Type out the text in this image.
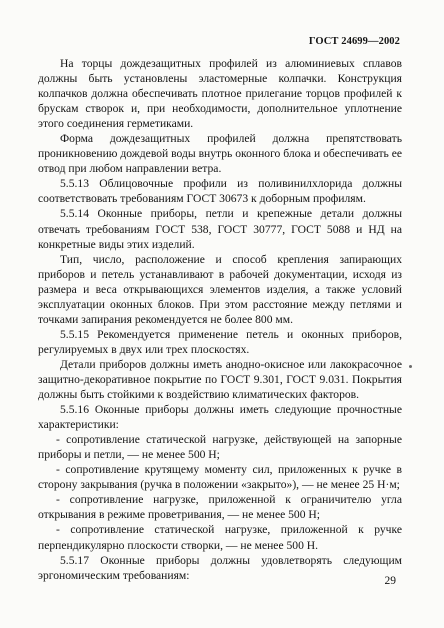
ГОСТ 24699—2002

На торцы дождезащитных профилей из алюминиевых сплавов должны быть установлены эластомерные колпачки. Конструкция колпачков должна обеспечивать плотное прилегание торцов профилей к брускам створок и, при необходимости, дополнительное уплотнение этого соединения герметиками.

Форма дождезащитных профилей должна препятствовать проникновению дождевой воды внутрь оконного блока и обеспечивать ее отвод при любом направлении ветра.

5.5.13 Облицовочные профили из поливинилхлорида должны соответствовать требованиям ГОСТ 30673 к доборным профилям.

5.5.14 Оконные приборы, петли и крепежные детали должны отвечать требованиям ГОСТ 538, ГОСТ 30777, ГОСТ 5088 и НД на конкретные виды этих изделий.

Тип, число, расположение и способ крепления запирающих приборов и петель устанавливают в рабочей документации, исходя из размера и веса открывающихся элементов изделия, а также условий эксплуатации оконных блоков. При этом расстояние между петлями и точками запирания рекомендуется не более 800 мм.

5.5.15 Рекомендуется применение петель и оконных приборов, регулируемых в двух или трех плоскостях.

Детали приборов должны иметь анодно-окисное или лакокрасочное защитно-декоративное покрытие по ГОСТ 9.301, ГОСТ 9.031. Покрытия должны быть стойкими к воздействию климатических факторов.

5.5.16 Оконные приборы должны иметь следующие прочностные характеристики:

- сопротивление статической нагрузке, действующей на запорные приборы и петли, — не менее 500 Н;

- сопротивление крутящему моменту сил, приложенных к ручке в сторону закрывания (ручка в положении «закрыто»), — не менее 25 Н·м;

- сопротивление нагрузке, приложенной к ограничителю угла открывания в режиме проветривания, — не менее 500 Н;

- сопротивление статической нагрузке, приложенной к ручке перпендикулярно плоскости створки, — не менее 500 Н.

5.5.17 Оконные приборы должны удовлетворять следующим эргономическим требованиям:	29
